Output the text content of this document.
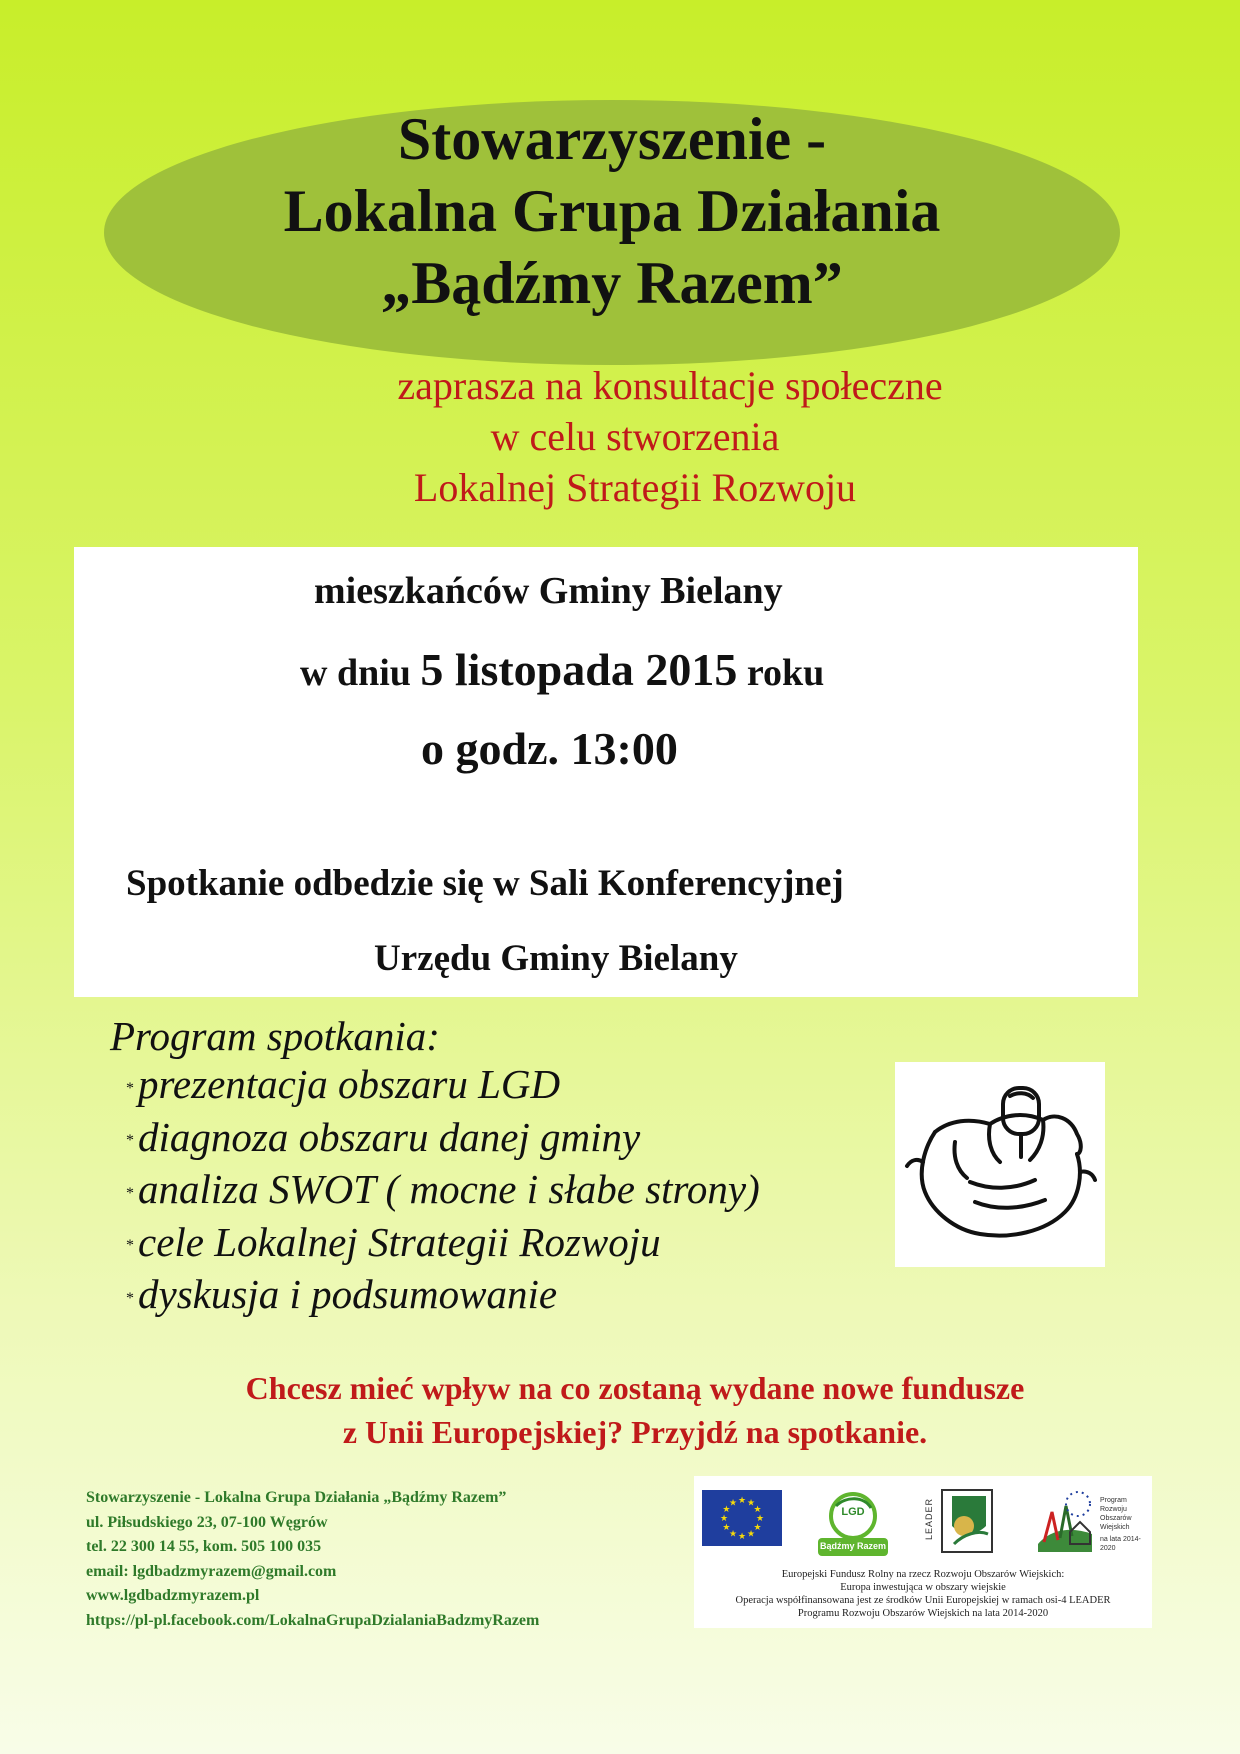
Stowarzyszenie -
Lokalna Grupa Działania
„Bądźmy Razem”
zaprasza na konsultacje społeczne
w celu stworzenia
Lokalnej Strategii Rozwoju
mieszkańców Gminy Bielany
w dniu 5 listopada 2015 roku
o godz. 13:00
Spotkanie odbedzie się w Sali Konferencyjnej
Urzędu Gminy Bielany
Program spotkania:
*prezentacja obszaru LGD
*diagnoza obszaru danej gminy
*analiza SWOT ( mocne i słabe strony)
*cele Lokalnej Strategii Rozwoju
*dyskusja i podsumowanie
Chcesz mieć wpływ na co zostaną wydane nowe fundusze
z Unii Europejskiej? Przyjdź na spotkanie.
Stowarzyszenie - Lokalna Grupa Działania „Bądźmy Razem”
ul. Piłsudskiego 23, 07-100 Węgrów
tel. 22 300 14 55, kom. 505 100 035
email: lgdbadzmyrazem@gmail.com
www.lgdbadzmyrazem.pl
https://pl-pl.facebook.com/LokalnaGrupaDzialaniaBadzmyRazem
★
★
★
★
★
★
★
★
★ ★ ★
★	LGD
Bądźmy Razem
LEADER	Program
Rozwoju
Obszarów
Wiejskich
na lata 2014-2020
Europejski Fundusz Rolny na rzecz Rozwoju Obszarów Wiejskich:
Europa inwestująca w obszary wiejskie
Operacja współfinansowana jest ze środków Unii Europejskiej w ramach osi-4 LEADER
Programu Rozwoju Obszarów Wiejskich na lata 2014-2020
